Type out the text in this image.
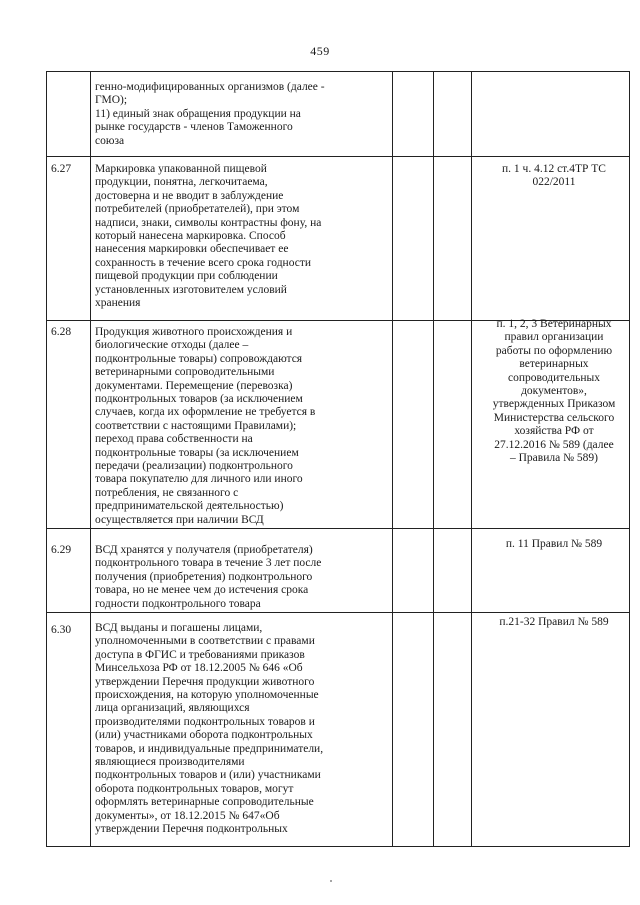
459
генно-модифицированных организмов (далее -
ГМО);
11) единый знак обращения продукции на
рынке государств - членов Таможенного
союза
6.27 Маркировка упакованной пищевой
продукции, понятна, легкочитаема,
достоверна и не вводит в заблуждение
потребителей (приобретателей), при этом
надписи, знаки, символы контрастны фону, на
который нанесена маркировка. Способ
нанесения маркировки обеспечивает ее
сохранность в течение всего срока годности
пищевой продукции при соблюдении
установленных изготовителем условий
хранения
п. 1 ч. 4.12 ст.4ТР ТС
022/2011
6.28 Продукция животного происхождения и
биологические отходы (далее –
подконтрольные товары) сопровождаются
ветеринарными сопроводительными
документами. Перемещение (перевозка)
подконтрольных товаров (за исключением
случаев, когда их оформление не требуется в
соответствии с настоящими Правилами);
переход права собственности на
подконтрольные товары (за исключением
передачи (реализации) подконтрольного
товара покупателю для личного или иного
потребления, не связанного с
предпринимательской деятельностью)
осуществляется при наличии ВСД
п. 1, 2, 3 Ветеринарных
правил организации
работы по оформлению
ветеринарных
сопроводительных
документов»,
утвержденных Приказом
Министерства сельского
хозяйства РФ от
27.12.2016 № 589 (далее
– Правила № 589)
6.29 ВСД хранятся у получателя (приобретателя)
подконтрольного товара в течение 3 лет после
получения (приобретения) подконтрольного
товара, но не менее чем до истечения срока
годности подконтрольного товара
п. 11 Правил № 589
6.30 ВСД выданы и погашены лицами,
уполномоченными в соответствии с правами
доступа в ФГИС и требованиями приказов
Минсельхоза РФ от 18.12.2005 № 646 «Об
утверждении Перечня продукции животного
происхождения, на которую уполномоченные
лица организаций, являющихся
производителями подконтрольных товаров и
(или) участниками оборота подконтрольных
товаров, и индивидуальные предприниматели,
являющиеся производителями
подконтрольных товаров и (или) участниками
оборота подконтрольных товаров, могут
оформлять ветеринарные сопроводительные
документы», от 18.12.2015 № 647«Об
утверждении Перечня подконтрольных
п.21-32 Правил № 589
